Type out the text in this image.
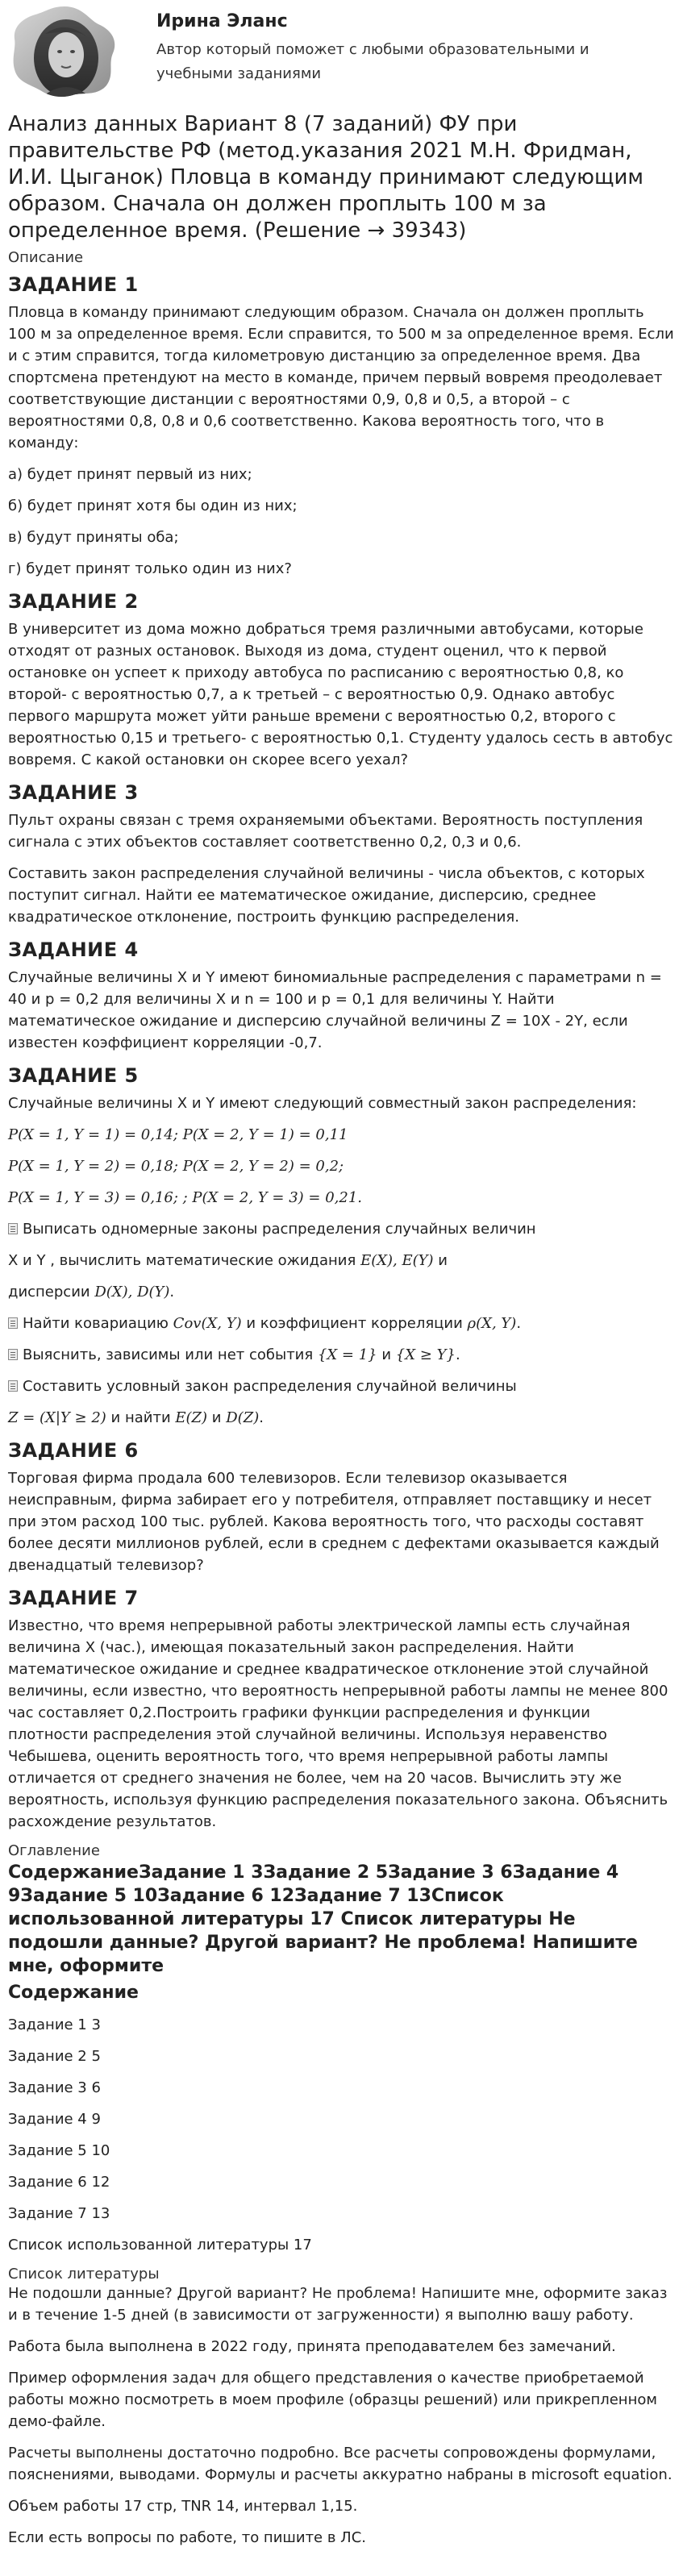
Ирина Эланс
Автор который поможет с любыми образовательными и учебными заданиями
Анализ данных Вариант 8 (7 заданий) ФУ при правительстве РФ (метод.указания 2021 М.Н. Фридман, И.И. Цыганок) Пловца в команду принимают следующим образом. Сначала он должен проплыть 100 м за определенное время. (Решение → 39343)
Описание
ЗАДАНИЕ 1

Пловца в команду принимают следующим образом. Сначала он должен проплыть 100 м за определенное время. Если справится, то 500 м за определенное время. Если и с этим справится, тогда километровую дистанцию за определенное время. Два спортсмена претендуют на место в команде, причем первый вовремя преодолевает соответствующие дистанции с вероятностями 0,9, 0,8 и 0,5, а второй – с вероятностями 0,8, 0,8 и 0,6 соответственно. Какова вероятность того, что в команду:

а) будет принят первый из них;

б) будет принят хотя бы один из них;

в) будут приняты оба;

г) будет принят только один из них?

ЗАДАНИЕ 2

В университет из дома можно добраться тремя различными автобусами, которые отходят от разных остановок. Выходя из дома, студент оценил, что к первой остановке он успеет к приходу автобуса по расписанию с вероятностью 0,8, ко второй- с вероятностью 0,7, а к третьей – с вероятностью 0,9. Однако автобус первого маршрута может уйти раньше времени с вероятностью 0,2, второго с вероятностью 0,15 и третьего- с вероятностью 0,1. Студенту удалось сесть в автобус вовремя. С какой остановки он скорее всего уехал?

ЗАДАНИЕ 3

Пульт охраны связан с тремя охраняемыми объектами. Вероятность поступления сигнала с этих объектов составляет соответственно 0,2, 0,3 и 0,6.

Составить закон распределения случайной величины - числа объектов, с которых поступит сигнал. Найти ее математическое ожидание, дисперсию, среднее квадратическое отклонение, построить функцию распределения.

ЗАДАНИЕ 4

Случайные величины X и Y имеют биномиальные распределения с параметрами n = 40 и p = 0,2 для величины X и n = 100 и p = 0,1 для величины Y. Найти математическое ожидание и дисперсию случайной величины Z = 10X - 2Y, если известен коэффициент корреляции -0,7.

ЗАДАНИЕ 5

Случайные величины X и Y имеют следующий совместный закон распределения:

P(X = 1, Y = 1) = 0,14; P(X = 2, Y = 1) = 0,11

P(X = 1, Y = 2) = 0,18; P(X = 2, Y = 2) = 0,2;

P(X = 1, Y = 3) = 0,16; ; P(X = 2, Y = 3) = 0,21.

Выписать одномерные законы распределения случайных величин

X и Y , вычислить математические ожидания E(X), E(Y) и

дисперсии D(X), D(Y).

Найти ковариацию Cov(X, Y) и коэффициент корреляции ρ(X, Y).

Выяснить, зависимы или нет события {X = 1} и {X ≥ Y}.

Составить условный закон распределения случайной величины

Z = (X|Y ≥ 2) и найти E(Z) и D(Z).

ЗАДАНИЕ 6

Торговая фирма продала 600 телевизоров. Если телевизор оказывается неисправным, фирма забирает его у потребителя, отправляет поставщику и несет при этом расход 100 тыс. рублей. Какова вероятность того, что расходы составят более десяти миллионов рублей, если в среднем с дефектами оказывается каждый двенадцатый телевизор?

ЗАДАНИЕ 7

Известно, что время непрерывной работы электрической лампы есть случайная величина X (час.), имеющая показательный закон распределения. Найти математическое ожидание и среднее квадратическое отклонение этой случайной величины, если известно, что вероятность непрерывной работы лампы не менее 800 час составляет 0,2.Построить графики функции распределения и функции плотности распределения этой случайной величины. Используя неравенство Чебышева, оценить вероятность того, что время непрерывной работы лампы отличается от среднего значения не более, чем на 20 часов. Вычислить эту же вероятность, используя функцию распределения показательного закона. Объяснить расхождение результатов.

Оглавление
СодержаниеЗадание 1 3Задание 2 5Задание 3 6Задание 4 9Задание 5 10Задание 6 12Задание 7 13Список использованной литературы 17 Список литературы Не подошли данные? Другой вариант? Не проблема! Напишите мне, оформите
Содержание

Задание 1 3

Задание 2 5

Задание 3 6

Задание 4 9

Задание 5 10

Задание 6 12

Задание 7 13

Список использованной литературы 17

Список литературы

Не подошли данные? Другой вариант? Не проблема! Напишите мне, оформите заказ и в течение 1-5 дней (в зависимости от загруженности) я выполню вашу работу.

Работа была выполнена в 2022 году, принята преподавателем без замечаний.

Пример оформления задач для общего представления о качестве приобретаемой работы можно посмотреть в моем профиле (образцы решений) или прикрепленном демо-файле.

Расчеты выполнены достаточно подробно. Все расчеты сопровождены формулами, пояснениями, выводами. Формулы и расчеты аккуратно набраны в microsoft equation.

Объем работы 17 стр, TNR 14, интервал 1,15.

Если есть вопросы по работе, то пишите в ЛС.
